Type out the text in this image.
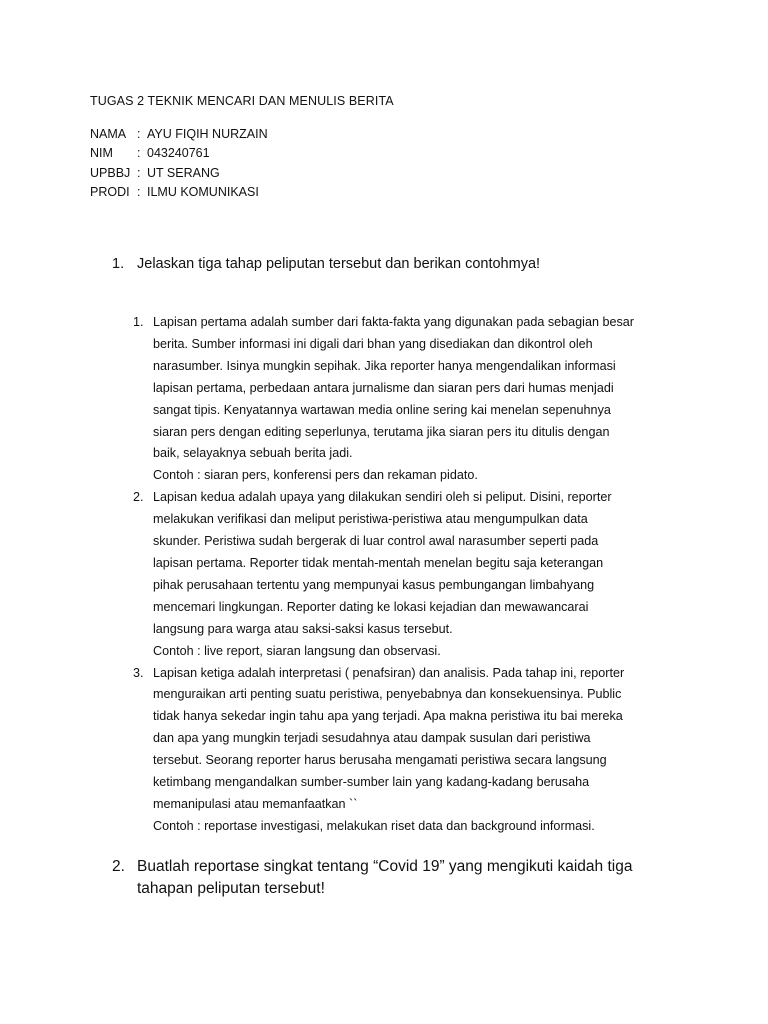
TUGAS 2 TEKNIK MENCARI DAN MENULIS BERITA
NAMA : AYU FIQIH NURZAIN
NIM	: 043240761
UPBBJ : UT SERANG
PRODI : ILMU KOMUNIKASI
1. Jelaskan tiga tahap peliputan tersebut dan berikan contohmya!
1. Lapisan pertama adalah sumber dari fakta-fakta yang digunakan pada sebagian besar
berita. Sumber informasi ini digali dari bhan yang disediakan dan dikontrol oleh
narasumber. Isinya mungkin sepihak. Jika reporter hanya mengendalikan informasi
lapisan pertama, perbedaan antara jurnalisme dan siaran pers dari humas menjadi
sangat tipis. Kenyatannya wartawan media online sering kai menelan sepenuhnya
siaran pers dengan editing seperlunya, terutama jika siaran pers itu ditulis dengan
baik, selayaknya sebuah berita jadi.
Contoh : siaran pers, konferensi pers dan rekaman pidato.
2. Lapisan kedua adalah upaya yang dilakukan sendiri oleh si peliput. Disini, reporter
melakukan verifikasi dan meliput peristiwa-peristiwa atau mengumpulkan data
skunder. Peristiwa sudah bergerak di luar control awal narasumber seperti pada
lapisan pertama. Reporter tidak mentah-mentah menelan begitu saja keterangan
pihak perusahaan tertentu yang mempunyai kasus pembungangan limbahyang
mencemari lingkungan. Reporter dating ke lokasi kejadian dan mewawancarai
langsung para warga atau saksi-saksi kasus tersebut.
Contoh : live report, siaran langsung dan observasi.
3. Lapisan ketiga adalah interpretasi ( penafsiran) dan analisis. Pada tahap ini, reporter
menguraikan arti penting suatu peristiwa, penyebabnya dan konsekuensinya. Public
tidak hanya sekedar ingin tahu apa yang terjadi. Apa makna peristiwa itu bai mereka
dan apa yang mungkin terjadi sesudahnya atau dampak susulan dari peristiwa
tersebut. Seorang reporter harus berusaha mengamati peristiwa secara langsung
ketimbang mengandalkan sumber-sumber lain yang kadang-kadang berusaha
memanipulasi atau memanfaatkan ``
Contoh : reportase investigasi, melakukan riset data dan background informasi.
2. Buatlah reportase singkat tentang “Covid 19” yang mengikuti kaidah tiga
tahapan peliputan tersebut!
